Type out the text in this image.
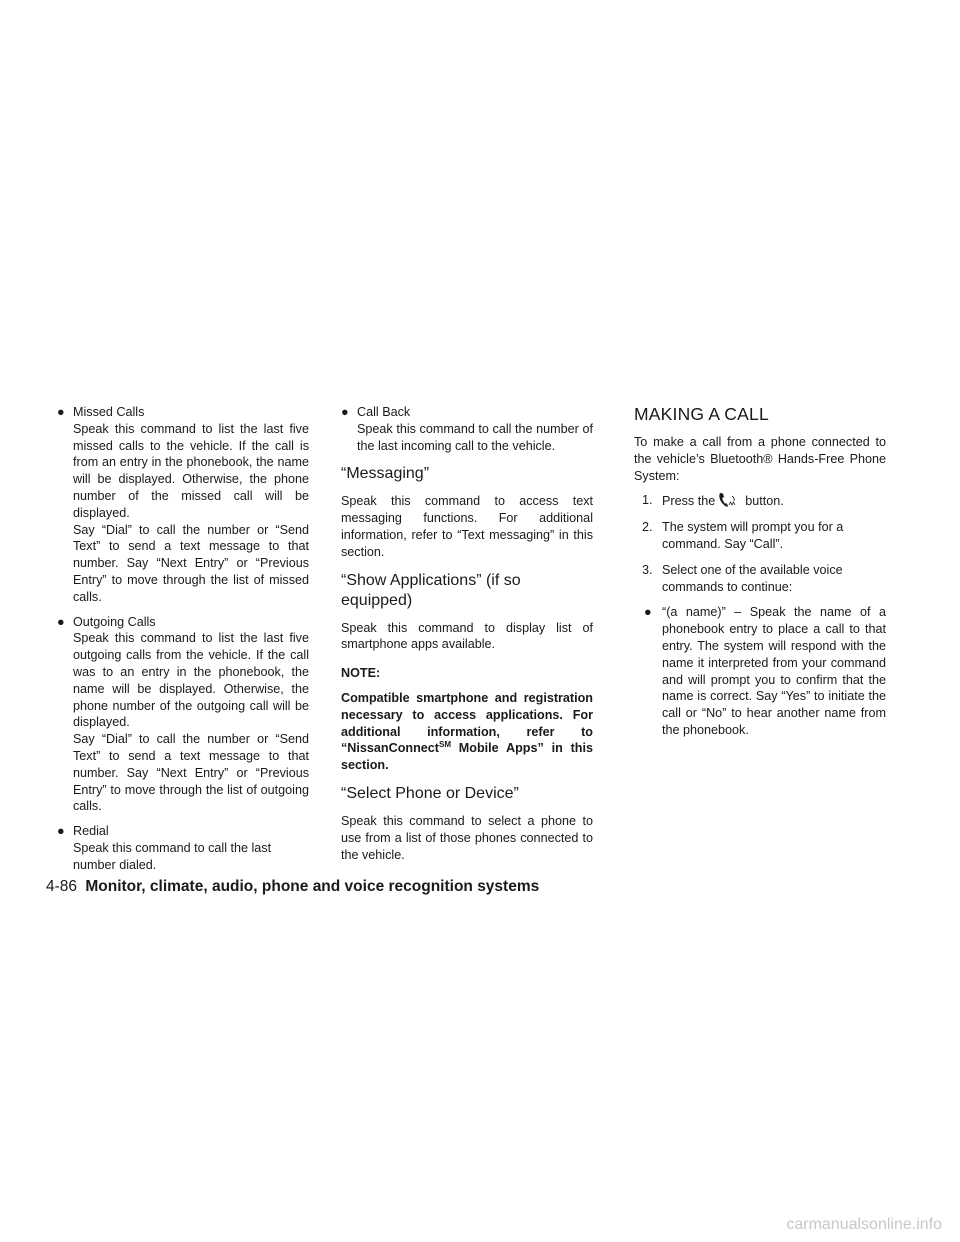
● Missed Calls
Speak this command to list the last five missed calls to the vehicle. If the call is from an entry in the phonebook, the name will be displayed. Otherwise, the phone number of the missed call will be displayed.
Say “Dial” to call the number or “Send Text” to send a text message to that number. Say “Next Entry” or “Previous Entry” to move through the list of missed calls.
● Outgoing Calls
Speak this command to list the last five outgoing calls from the vehicle. If the call was to an entry in the phonebook, the name will be displayed. Otherwise, the phone number of the outgoing call will be displayed.
Say “Dial” to call the number or “Send Text” to send a text message to that number. Say “Next Entry” or “Previous Entry” to move through the list of outgoing calls.
● Redial
Speak this command to call the last number dialed.
● Call Back
Speak this command to call the number of the last incoming call to the vehicle.
“Messaging”

Speak this command to access text messaging functions. For additional information, refer to “Text messaging” in this section.

“Show Applications” (if so equipped)

Speak this command to display list of smartphone apps available.

NOTE:

Compatible smartphone and registration necessary to access applications. For additional information, refer to “NissanConnect℠ Mobile Apps” in this section.

“Select Phone or Device”

Speak this command to select a phone to use from a list of those phones connected to the vehicle.

MAKING A CALL

To make a call from a phone connected to the vehicle’s Bluetooth® Hands-Free Phone System:

1. Press the button.
2. The system will prompt you for a command. Say “Call”.
3. Select one of the available voice commands to continue:
● “(a name)” – Speak the name of a phonebook entry to place a call to that entry. The system will respond with the name it interpreted from your command and will prompt you to confirm that the name is correct. Say “Yes” to initiate the call or “No” to hear another name from the phonebook.
4-86 Monitor, climate, audio, phone and voice recognition systems
carmanualsonline.info
